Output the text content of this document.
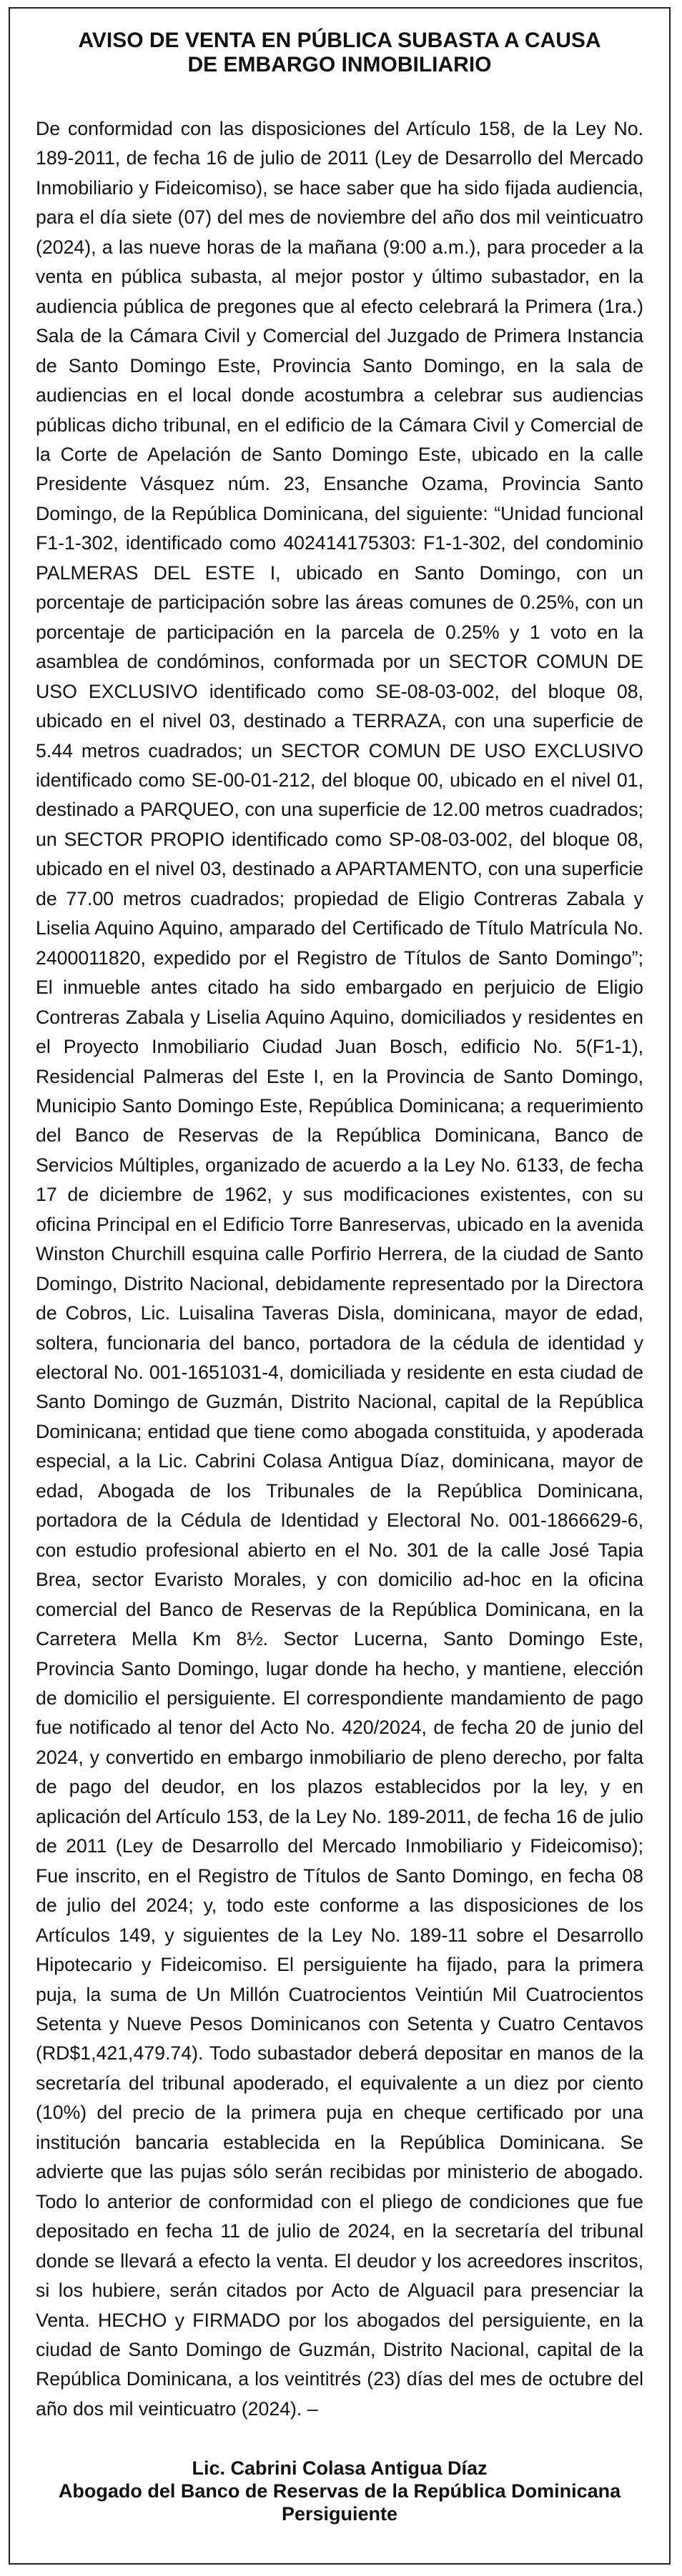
AVISO DE VENTA EN PÚBLICA SUBASTA A CAUSA DE EMBARGO INMOBILIARIO

De conformidad con las disposiciones del Artículo 158, de la Ley No. 189-2011, de fecha 16 de julio de 2011 (Ley de Desarrollo del Mercado Inmobiliario y Fideicomiso), se hace saber que ha sido fijada audiencia, para el día siete (07) del mes de noviembre del año dos mil veinticuatro (2024), a las nueve horas de la mañana (9:00 a.m.), para proceder a la venta en pública subasta, al mejor postor y último subastador, en la audiencia pública de pregones que al efecto celebrará la Primera (1ra.) Sala de la Cámara Civil y Comercial del Juzgado de Primera Instancia de Santo Domingo Este, Provincia Santo Domingo, en la sala de audiencias en el local donde acostumbra a celebrar sus audiencias públicas dicho tribunal, en el edificio de la Cámara Civil y Comercial de la Corte de Apelación de Santo Domingo Este, ubicado en la calle Presidente Vásquez núm. 23, Ensanche Ozama, Provincia Santo Domingo, de la República Dominicana, del siguiente: “Unidad funcional F1-1-302, identificado como 402414175303: F1-1-302, del condominio PALMERAS DEL ESTE I, ubicado en Santo Domingo, con un porcentaje de participación sobre las áreas comunes de 0.25%, con un porcentaje de participación en la parcela de 0.25% y 1 voto en la asamblea de condóminos, conformada por un SECTOR COMUN DE USO EXCLUSIVO identificado como SE-08-03-002, del bloque 08, ubicado en el nivel 03, destinado a TERRAZA, con una superficie de 5.44 metros cuadrados; un SECTOR COMUN DE USO EXCLUSIVO identificado como SE-00-01-212, del bloque 00, ubicado en el nivel 01, destinado a PARQUEO, con una superficie de 12.00 metros cuadrados; un SECTOR PROPIO identificado como SP-08-03-002, del bloque 08, ubicado en el nivel 03, destinado a APARTAMENTO, con una superficie de 77.00 metros cuadrados; propiedad de Eligio Contreras Zabala y Liselia Aquino Aquino, amparado del Certificado de Título Matrícula No. 2400011820, expedido por el Registro de Títulos de Santo Domingo”; El inmueble antes citado ha sido embargado en perjuicio de Eligio Contreras Zabala y Liselia Aquino Aquino, domiciliados y residentes en el Proyecto Inmobiliario Ciudad Juan Bosch, edificio No. 5(F1-1), Residencial Palmeras del Este I, en la Provincia de Santo Domingo, Municipio Santo Domingo Este, República Dominicana; a requerimiento del Banco de Reservas de la República Dominicana, Banco de Servicios Múltiples, organizado de acuerdo a la Ley No. 6133, de fecha 17 de diciembre de 1962, y sus modificaciones existentes, con su oficina Principal en el Edificio Torre Banreservas, ubicado en la avenida Winston Churchill esquina calle Porfirio Herrera, de la ciudad de Santo Domingo, Distrito Nacional, debidamente representado por la Directora de Cobros, Lic. Luisalina Taveras Disla, dominicana, mayor de edad, soltera, funcionaria del banco, portadora de la cédula de identidad y electoral No. 001-1651031-4, domiciliada y residente en esta ciudad de Santo Domingo de Guzmán, Distrito Nacional, capital de la República Dominicana; entidad que tiene como abogada constituida, y apoderada especial, a la Lic. Cabrini Colasa Antigua Díaz, dominicana, mayor de edad, Abogada de los Tribunales de la República Dominicana, portadora de la Cédula de Identidad y Electoral No. 001-1866629-6, con estudio profesional abierto en el No. 301 de la calle José Tapia Brea, sector Evaristo Morales, y con domicilio ad-hoc en la oficina comercial del Banco de Reservas de la República Dominicana, en la Carretera Mella Km 8½. Sector Lucerna, Santo Domingo Este, Provincia Santo Domingo, lugar donde ha hecho, y mantiene, elección de domicilio el persiguiente. El correspondiente mandamiento de pago fue notificado al tenor del Acto No. 420/2024, de fecha 20 de junio del 2024, y convertido en embargo inmobiliario de pleno derecho, por falta de pago del deudor, en los plazos establecidos por la ley, y en aplicación del Artículo 153, de la Ley No. 189-2011, de fecha 16 de julio de 2011 (Ley de Desarrollo del Mercado Inmobiliario y Fideicomiso); Fue inscrito, en el Registro de Títulos de Santo Domingo, en fecha 08 de julio del 2024; y, todo este conforme a las disposiciones de los Artículos 149, y siguientes de la Ley No. 189-11 sobre el Desarrollo Hipotecario y Fideicomiso. El persiguiente ha fijado, para la primera puja, la suma de Un Millón Cuatrocientos Veintiún Mil Cuatrocientos Setenta y Nueve Pesos Dominicanos con Setenta y Cuatro Centavos (RD$1,421,479.74). Todo subastador deberá depositar en manos de la secretaría del tribunal apoderado, el equivalente a un diez por ciento (10%) del precio de la primera puja en cheque certificado por una institución bancaria establecida en la República Dominicana. Se advierte que las pujas sólo serán recibidas por ministerio de abogado. Todo lo anterior de conformidad con el pliego de condiciones que fue depositado en fecha 11 de julio de 2024, en la secretaría del tribunal donde se llevará a efecto la venta. El deudor y los acreedores inscritos, si los hubiere, serán citados por Acto de Alguacil para presenciar la Venta. HECHO y FIRMADO por los abogados del persiguiente, en la ciudad de Santo Domingo de Guzmán, Distrito Nacional, capital de la República Dominicana, a los veintitrés (23) días del mes de octubre del año dos mil veinticuatro (2024). –

Lic. Cabrini Colasa Antigua Díaz
Abogado del Banco de Reservas de la República Dominicana
Persiguiente
